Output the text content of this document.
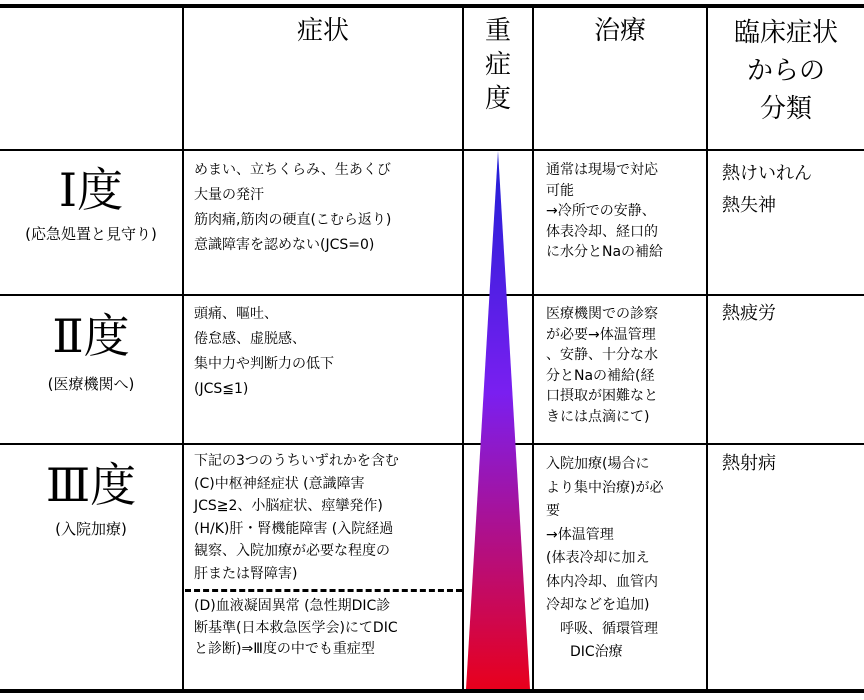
症状	重
症
度
治療	臨床症状
からの
分類
Ⅰ度
(応急処置と見守り)
めまい、立ちくらみ、生あくび
大量の発汗
筋肉痛,筋肉の硬直(こむら返り)
意識障害を認めない(JCS=0)
通常は現場で対応
可能
→冷所での安静、
体表冷却、経口的
に水分とNaの補給
熱けいれん
熱失神
Ⅱ度
(医療機関へ)
頭痛、嘔吐、
倦怠感、虚脱感、
集中力や判断力の低下
(JCS≦1)
医療機関での診察
が必要→体温管理
、安静、十分な水
分とNaの補給(経
口摂取が困難なと
きには点滴にて)
熱疲労
Ⅲ度
(入院加療)
下記の3つのうちいずれかを含む
(C)中枢神経症状 (意識障害
JCS≧2、小脳症状、痙攣発作)
(H/K)肝・腎機能障害 (入院経過
観察、入院加療が必要な程度の
肝または腎障害)
(D)血液凝固異常 (急性期DIC診
断基準(日本救急医学会)にてDIC
と診断)⇒Ⅲ度の中でも重症型
入院加療(場合に
より集中治療)が必
要
→体温管理
(体表冷却に加え
体内冷却、血管内
冷却などを追加)
呼吸、循環管理
DIC治療
熱射病
